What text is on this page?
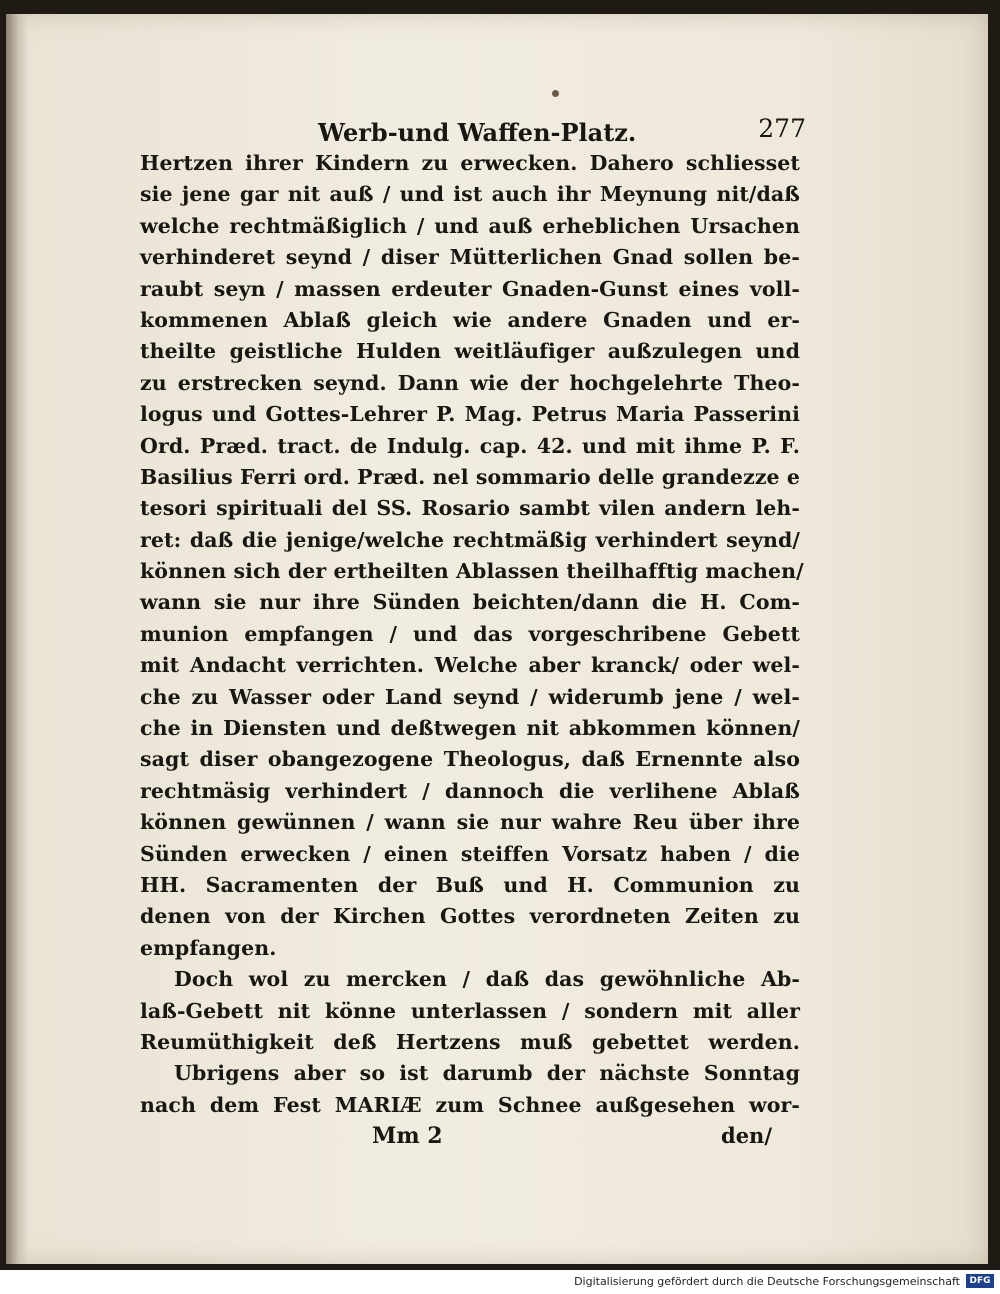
Werb-und Waffen-Platz.	277
Hertzen ihrer Kindern zu erwecken. Dahero schliesset
sie jene gar nit auß / und ist auch ihr Meynung nit/daß
welche rechtmäßiglich / und auß erheblichen Ursachen
verhinderet seynd / diser Mütterlichen Gnad sollen be-
raubt seyn / massen erdeuter Gnaden-Gunst eines voll-
kommenen Ablaß gleich wie andere Gnaden und er-
theilte geistliche Hulden weitläufiger außzulegen und
zu erstrecken seynd. Dann wie der hochgelehrte Theo-
logus und Gottes-Lehrer P. Mag. Petrus Maria Passerini
Ord. Præd. tract. de Indulg. cap. 42. und mit ihme P. F.
Basilius Ferri ord. Præd. nel sommario delle grandezze e
tesori spirituali del SS. Rosario sambt vilen andern leh-
ret: daß die jenige/welche rechtmäßig verhindert seynd/
können sich der ertheilten Ablassen theilhafftig machen/
wann sie nur ihre Sünden beichten/dann die H. Com-
munion empfangen / und das vorgeschribene Gebett
mit Andacht verrichten. Welche aber kranck/ oder wel-
che zu Wasser oder Land seynd / widerumb jene / wel-
che in Diensten und deßtwegen nit abkommen können/
sagt diser obangezogene Theologus, daß Ernennte also
rechtmäsig verhindert / dannoch die verlihene Ablaß
können gewünnen / wann sie nur wahre Reu über ihre
Sünden erwecken / einen steiffen Vorsatz haben / die
HH. Sacramenten der Buß und H. Communion zu
denen von der Kirchen Gottes verordneten Zeiten zu
empfangen.
Doch wol zu mercken / daß das gewöhnliche Ab-
laß-Gebett nit könne unterlassen / sondern mit aller
Reumüthigkeit deß Hertzens muß gebettet werden.
Ubrigens aber so ist darumb der nächste Sonntag
nach dem Fest MARIÆ zum Schnee außgesehen wor-
Mm 2	den/
Digitalisierung gefördert durch die Deutsche Forschungsgemeinschaft	DFG
